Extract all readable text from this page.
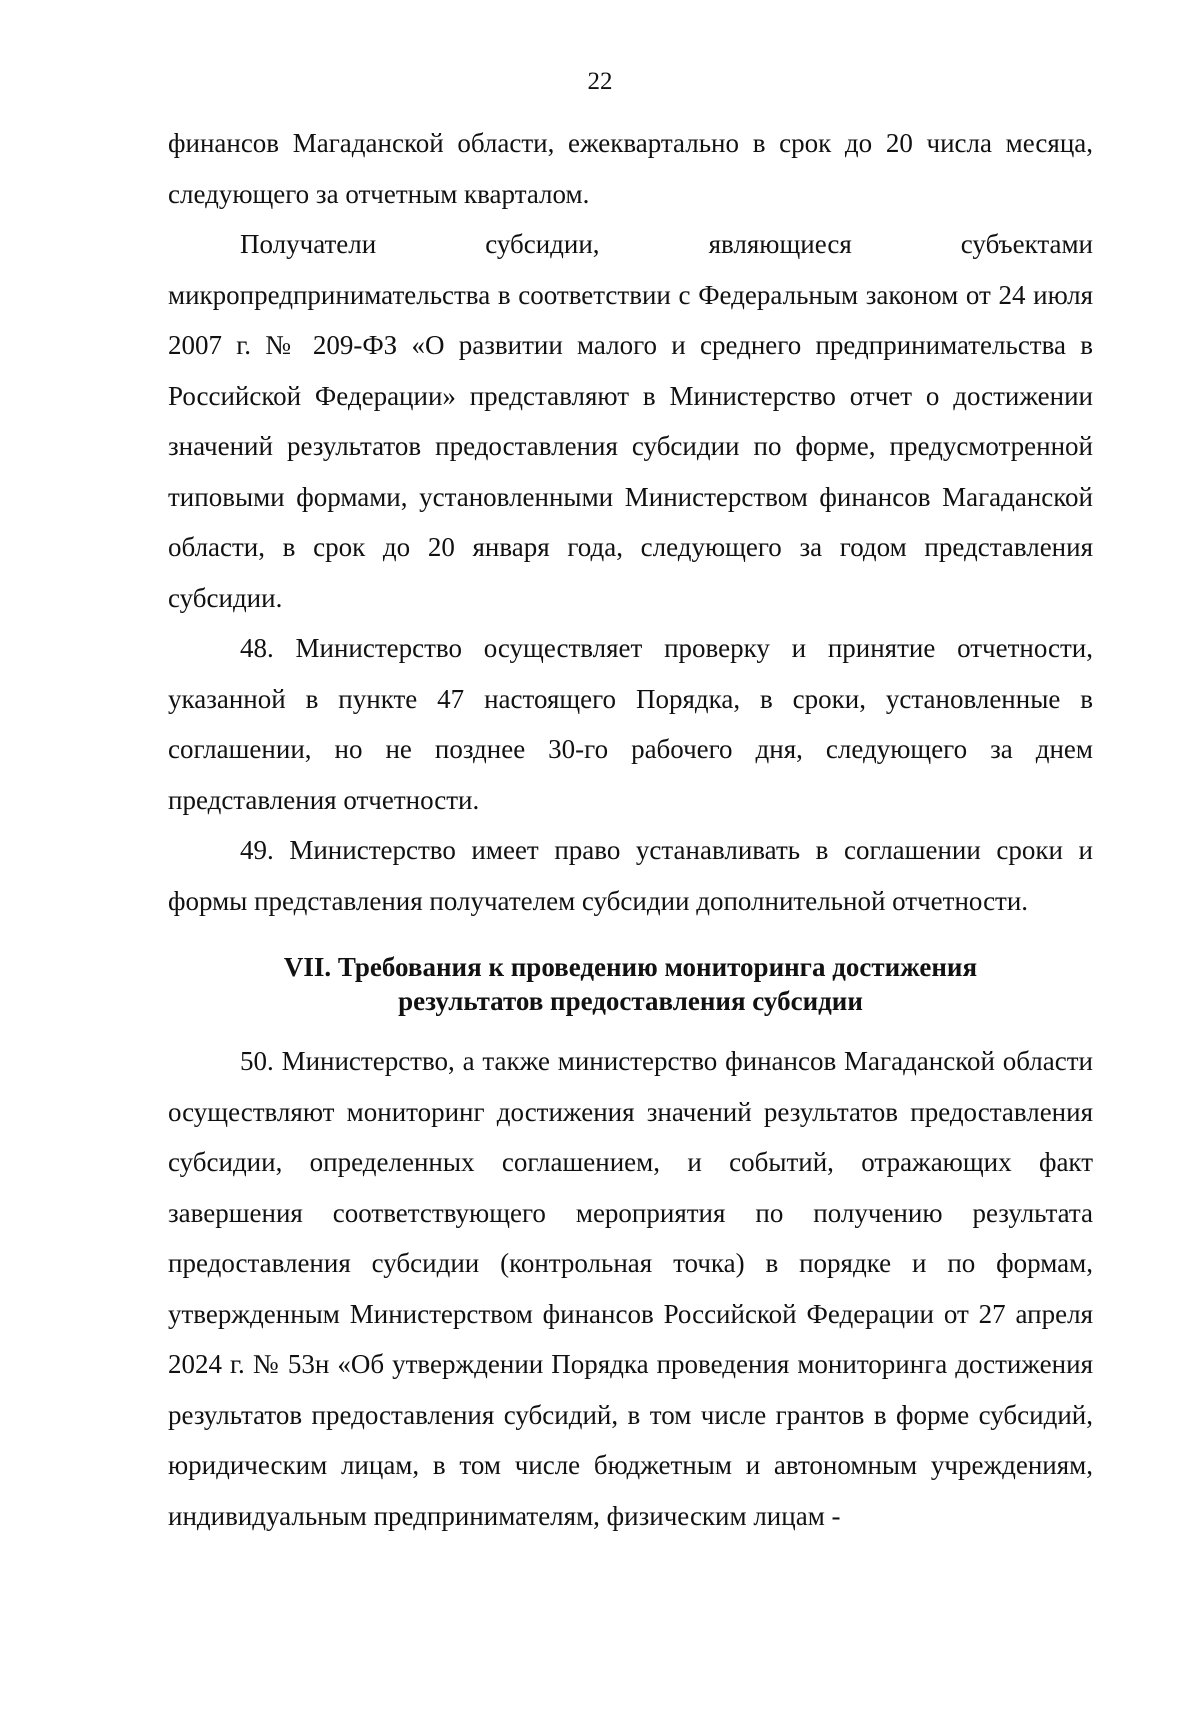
22

финансов Магаданской области, ежеквартально в срок до 20 числа месяца, следующего за отчетным кварталом.

Получатели субсидии, являющиеся субъектами микропредпринимательства в соответствии с Федеральным законом от 24 июля 2007 г. № 209-ФЗ «О развитии малого и среднего предпринимательства в Российской Федерации» представляют в Министерство отчет о достижении значений результатов предоставления субсидии по форме, предусмотренной типовыми формами, установленными Министерством финансов Магаданской области, в срок до 20 января года, следующего за годом представления субсидии.

48. Министерство осуществляет проверку и принятие отчетности, указанной в пункте 47 настоящего Порядка, в сроки, установленные в соглашении, но не позднее 30-го рабочего дня, следующего за днем представления отчетности.

49. Министерство имеет право устанавливать в соглашении сроки и формы представления получателем субсидии дополнительной отчетности.

VII. Требования к проведению мониторинга достижения
результатов предоставления субсидии

50. Министерство, а также министерство финансов Магаданской области осуществляют мониторинг достижения значений результатов предоставления субсидии, определенных соглашением, и событий, отражающих факт завершения соответствующего мероприятия по получению результата предоставления субсидии (контрольная точка) в порядке и по формам, утвержденным Министерством финансов Российской Федерации от 27 апреля 2024 г. № 53н «Об утверждении Порядка проведения мониторинга достижения результатов предоставления субсидий, в том числе грантов в форме субсидий, юридическим лицам, в том числе бюджетным и автономным учреждениям, индивидуальным предпринимателям, физическим лицам -
